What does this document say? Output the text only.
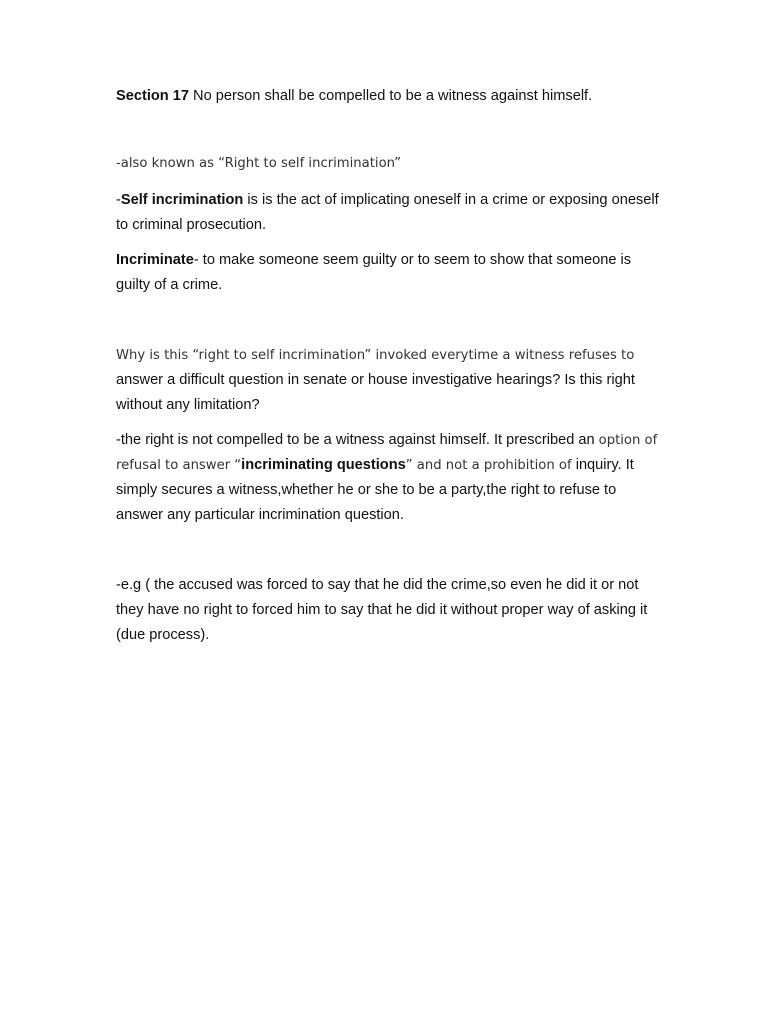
Section 17 No person shall be compelled to be a witness against himself.

-also known as “Right to self incrimination”

-Self incrimination is is the act of implicating oneself in a crime or exposing oneself to criminal prosecution.

Incriminate- to make someone seem guilty or to seem to show that someone is guilty of a crime.

Why is this “right to self incrimination” invoked everytime a witness refuses to answer a difficult question in senate or house investigative hearings? Is this right without any limitation?

-the right is not compelled to be a witness against himself. It prescribed an option of refusal to answer “incriminating questions” and not a prohibition of inquiry. It simply secures a witness,whether he or she to be a party,the right to refuse to answer any particular incrimination question.

-e.g ( the accused was forced to say that he did the crime,so even he did it or not they have no right to forced him to say that he did it without proper way of asking it (due process).
